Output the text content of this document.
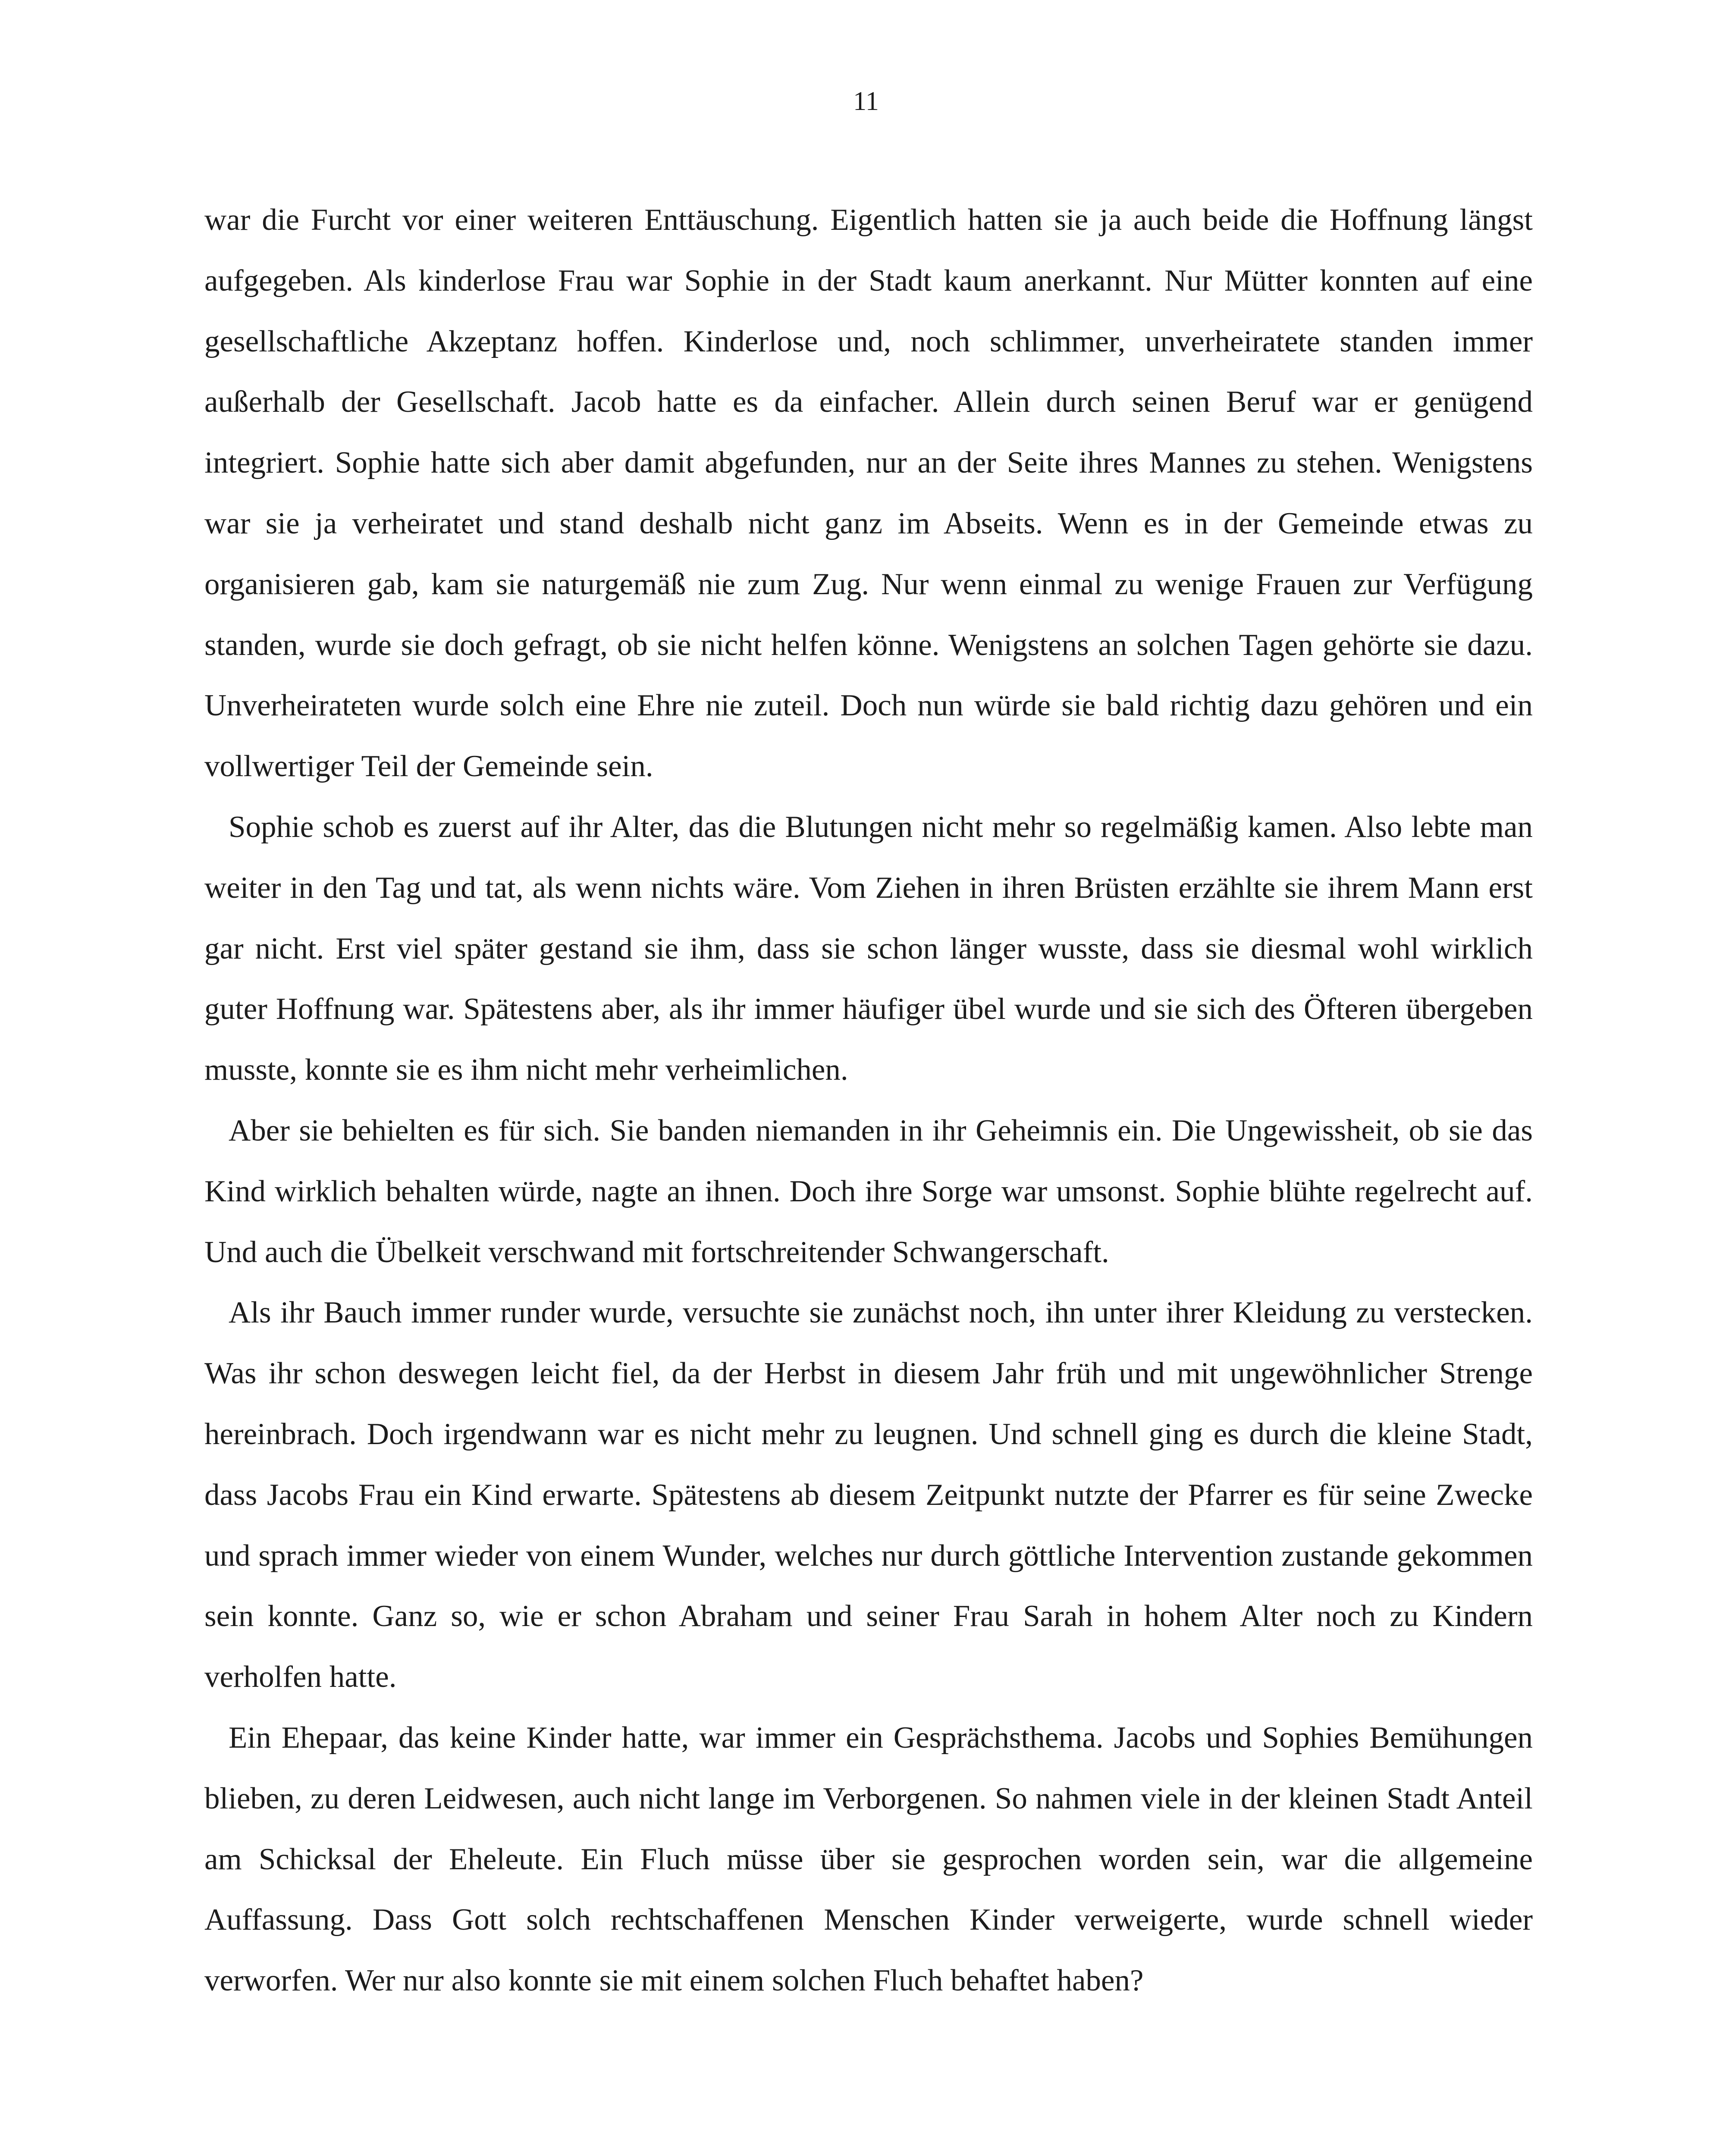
11

war die Furcht vor einer weiteren Enttäuschung. Eigentlich hatten sie ja auch beide die Hoffnung längst aufgegeben. Als kinderlose Frau war Sophie in der Stadt kaum anerkannt. Nur Mütter konnten auf eine gesellschaftliche Akzeptanz hoffen. Kinderlose und, noch schlimmer, unverheiratete standen immer außerhalb der Gesellschaft. Jacob hatte es da einfacher. Allein durch seinen Beruf war er genügend integriert. Sophie hatte sich aber damit abgefunden, nur an der Seite ihres Mannes zu stehen. Wenigstens war sie ja verheiratet und stand deshalb nicht ganz im Abseits. Wenn es in der Gemeinde etwas zu organisieren gab, kam sie naturgemäß nie zum Zug. Nur wenn einmal zu wenige Frauen zur Verfügung standen, wurde sie doch gefragt, ob sie nicht helfen könne. Wenigstens an solchen Tagen gehörte sie dazu. Unverheirateten wurde solch eine Ehre nie zuteil. Doch nun würde sie bald richtig dazu gehören und ein vollwertiger Teil der Gemeinde sein.

Sophie schob es zuerst auf ihr Alter, das die Blutungen nicht mehr so regelmäßig kamen. Also lebte man weiter in den Tag und tat, als wenn nichts wäre. Vom Ziehen in ihren Brüsten erzählte sie ihrem Mann erst gar nicht. Erst viel später gestand sie ihm, dass sie schon länger wusste, dass sie diesmal wohl wirklich guter Hoffnung war. Spätestens aber, als ihr immer häufiger übel wurde und sie sich des Öfteren übergeben musste, konnte sie es ihm nicht mehr verheimlichen.

Aber sie behielten es für sich. Sie banden niemanden in ihr Geheimnis ein. Die Ungewissheit, ob sie das Kind wirklich behalten würde, nagte an ihnen. Doch ihre Sorge war umsonst. Sophie blühte regelrecht auf. Und auch die Übelkeit verschwand mit fortschreitender Schwangerschaft.

Als ihr Bauch immer runder wurde, versuchte sie zunächst noch, ihn unter ihrer Kleidung zu verstecken. Was ihr schon deswegen leicht fiel, da der Herbst in diesem Jahr früh und mit ungewöhnlicher Strenge hereinbrach. Doch irgendwann war es nicht mehr zu leugnen. Und schnell ging es durch die kleine Stadt, dass Jacobs Frau ein Kind erwarte. Spätestens ab diesem Zeitpunkt nutzte der Pfarrer es für seine Zwecke und sprach immer wieder von einem Wunder, welches nur durch göttliche Intervention zustande gekommen sein konnte. Ganz so, wie er schon Abraham und seiner Frau Sarah in hohem Alter noch zu Kindern verholfen hatte.

Ein Ehepaar, das keine Kinder hatte, war immer ein Gesprächsthema. Jacobs und Sophies Bemühungen blieben, zu deren Leidwesen, auch nicht lange im Verborgenen. So nahmen viele in der kleinen Stadt Anteil am Schicksal der Eheleute. Ein Fluch müsse über sie gesprochen worden sein, war die allgemeine Auffassung. Dass Gott solch rechtschaffenen Menschen Kinder verweigerte, wurde schnell wieder verworfen. Wer nur also konnte sie mit einem solchen Fluch behaftet haben?
